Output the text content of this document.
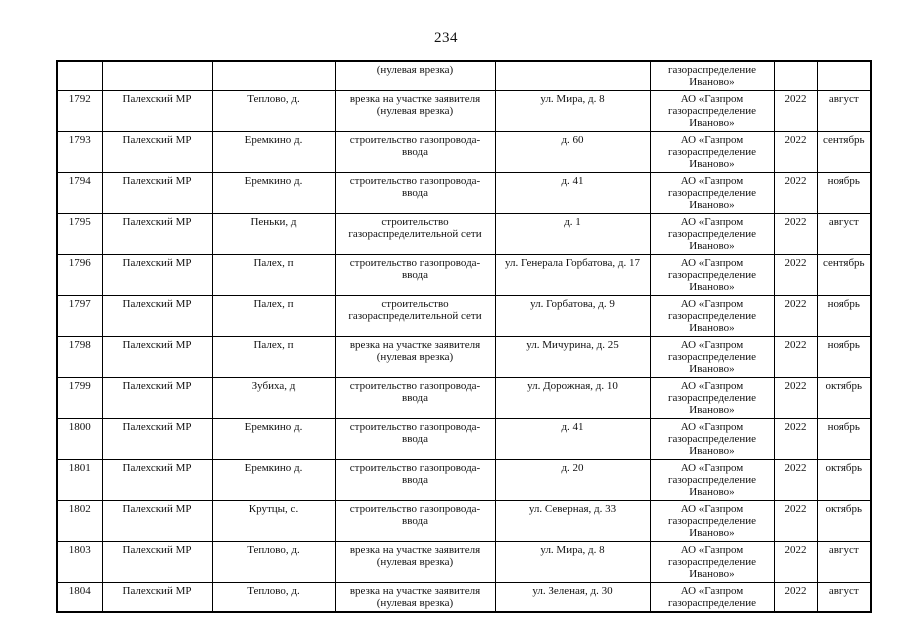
234
			(нулевая врезка)		газораспределение Иваново»		
1792	Палехский МР	Теплово, д.	врезка на участке заявителя (нулевая врезка)	ул. Мира, д. 8	АО «Газпром газораспределение Иваново»	2022	август
1793	Палехский МР	Еремкино д.	строительство газопровода-ввода	д. 60	АО «Газпром газораспределение Иваново»	2022	сентябрь
1794	Палехский МР	Еремкино д.	строительство газопровода-ввода	д. 41	АО «Газпром газораспределение Иваново»	2022	ноябрь
1795	Палехский МР	Пеньки, д	строительство газораспределительной сети	д. 1	АО «Газпром газораспределение Иваново»	2022	август
1796	Палехский МР	Палех, п	строительство газопровода-ввода	ул. Генерала Горбатова, д. 17	АО «Газпром газораспределение Иваново»	2022	сентябрь
1797	Палехский МР	Палех, п	строительство газораспределительной сети	ул. Горбатова, д. 9	АО «Газпром газораспределение Иваново»	2022	ноябрь
1798	Палехский МР	Палех, п	врезка на участке заявителя (нулевая врезка)	ул. Мичурина, д. 25	АО «Газпром газораспределение Иваново»	2022	ноябрь
1799	Палехский МР	Зубиха, д	строительство газопровода-ввода	ул. Дорожная, д. 10	АО «Газпром газораспределение Иваново»	2022	октябрь
1800	Палехский МР	Еремкино д.	строительство газопровода-ввода	д. 41	АО «Газпром газораспределение Иваново»	2022	ноябрь
1801	Палехский МР	Еремкино д.	строительство газопровода-ввода	д. 20	АО «Газпром газораспределение Иваново»	2022	октябрь
1802	Палехский МР	Крутцы, с.	строительство газопровода-ввода	ул. Северная, д. 33	АО «Газпром газораспределение Иваново»	2022	октябрь
1803	Палехский МР	Теплово, д.	врезка на участке заявителя (нулевая врезка)	ул. Мира, д. 8	АО «Газпром газораспределение Иваново»	2022	август
1804	Палехский МР	Теплово, д.	врезка на участке заявителя (нулевая врезка)	ул. Зеленая, д. 30	АО «Газпром газораспределение	2022	август
